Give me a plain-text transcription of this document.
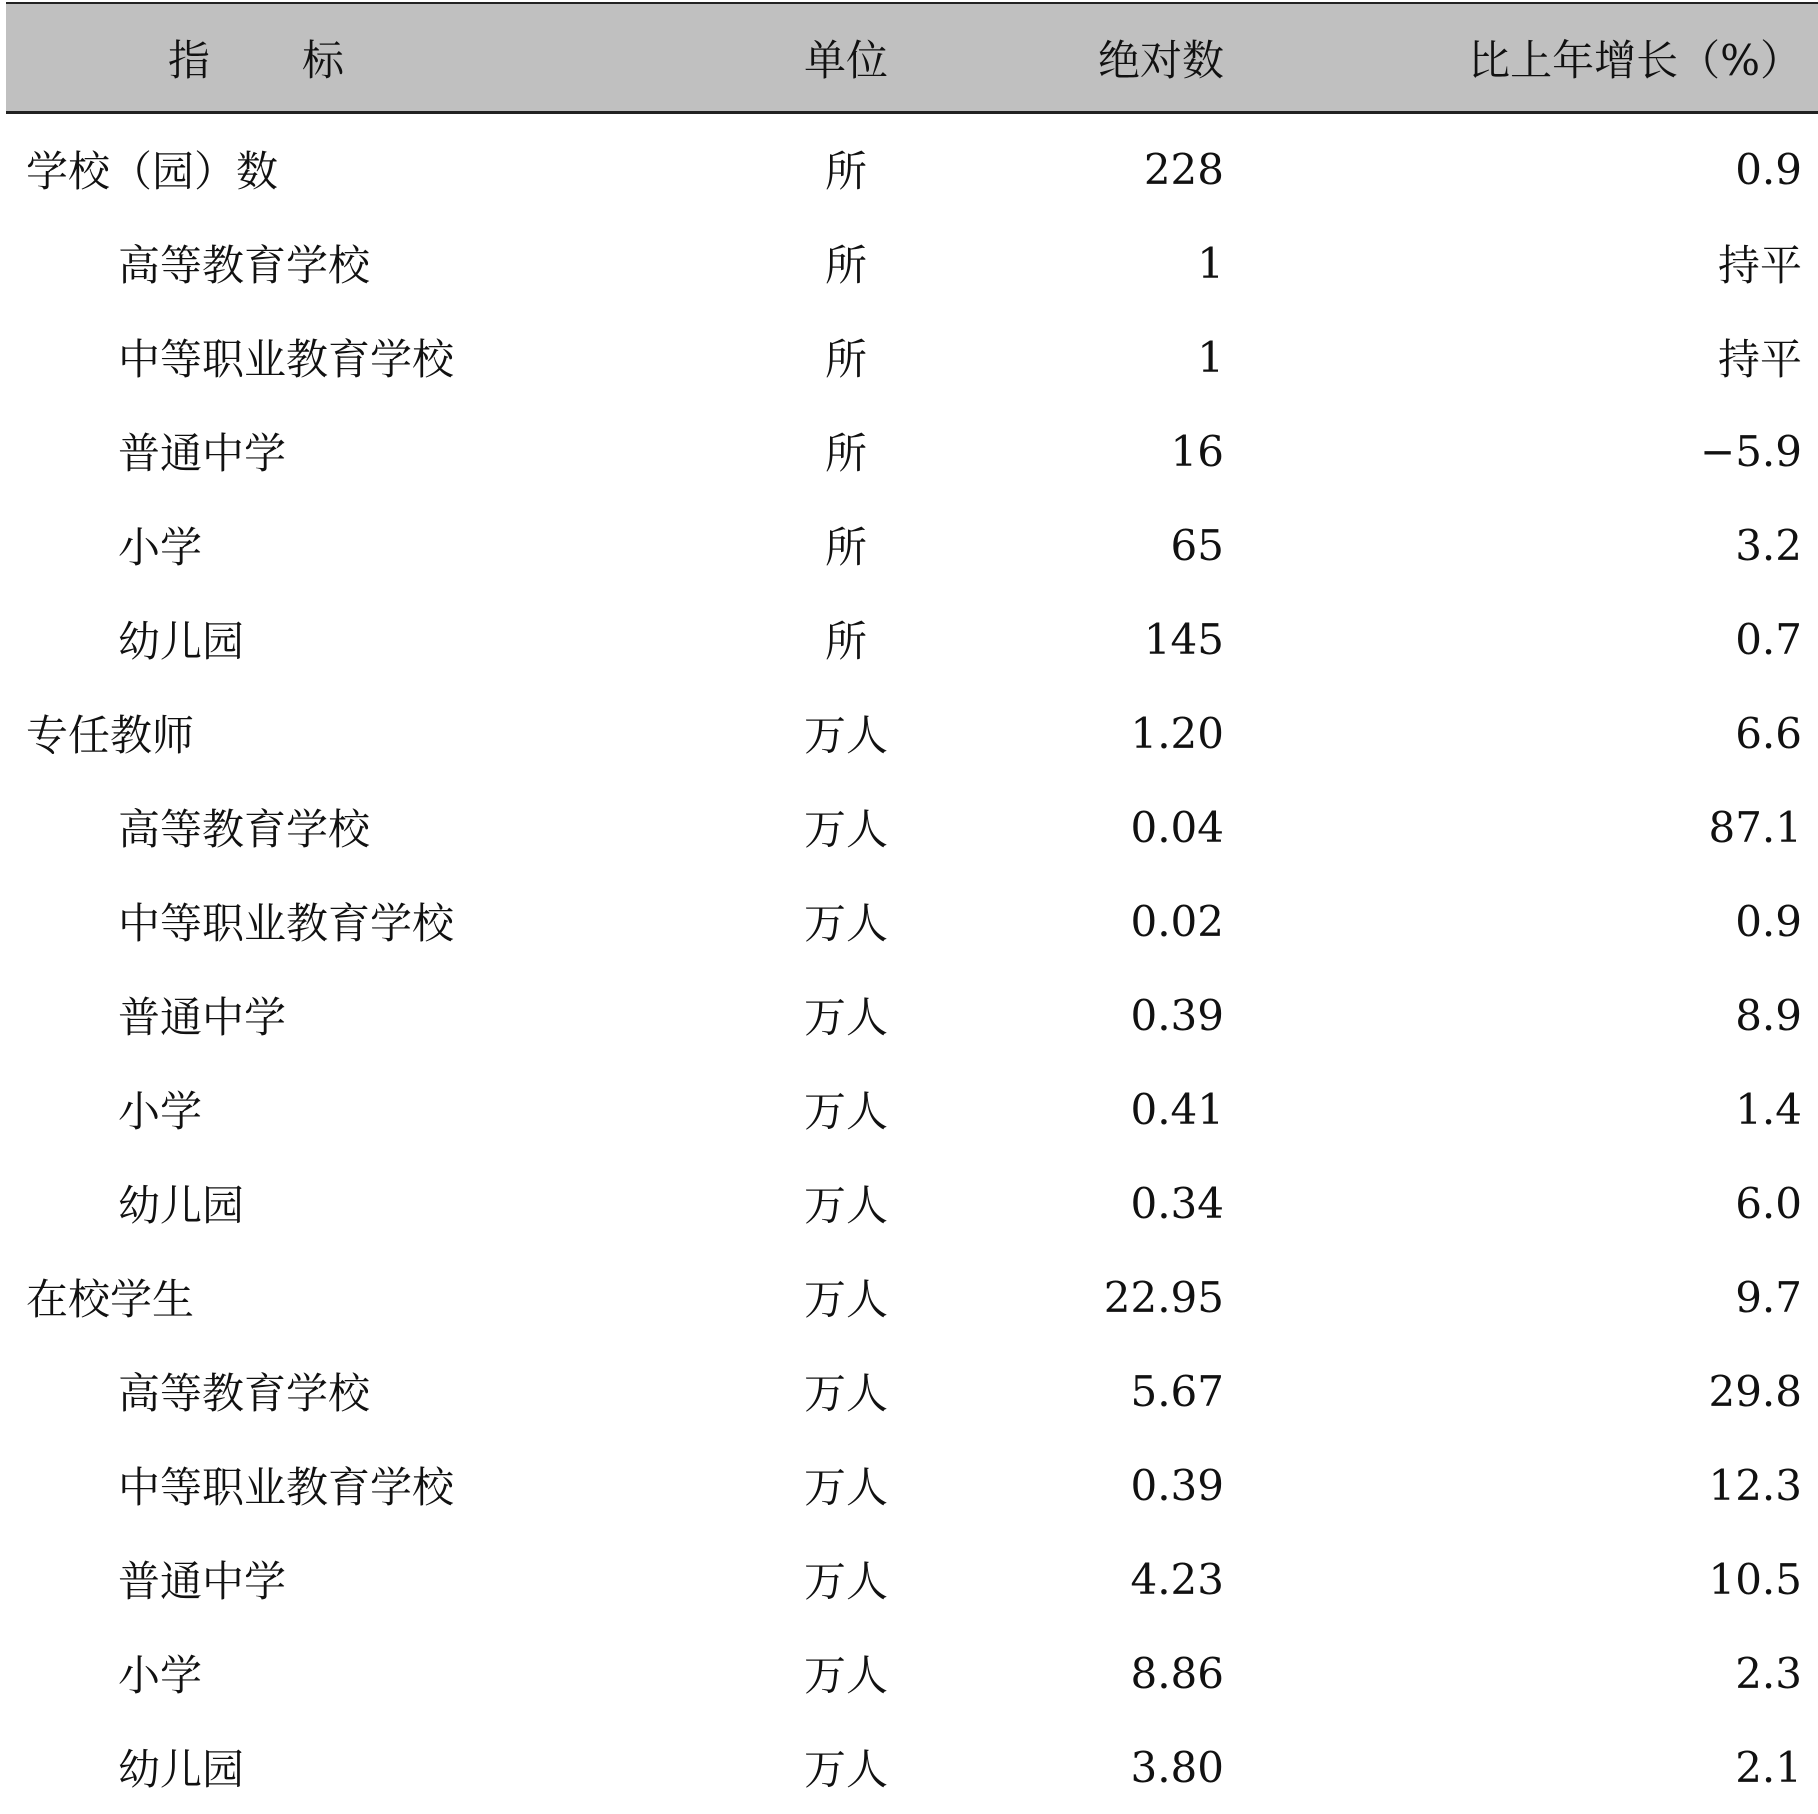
指 标	单位	绝对数	比上年增长（%）
学校（园）数	所	228	0.9
高等教育学校	所	1	持平
中等职业教育学校	所	1	持平
普通中学	所	16	−5.9
小学	所	65	3.2
幼儿园	所	145	0.7
专任教师	万人	1.20	6.6
高等教育学校	万人	0.04	87.1
中等职业教育学校	万人	0.02	0.9
普通中学	万人	0.39	8.9
小学	万人	0.41	1.4
幼儿园	万人	0.34	6.0
在校学生	万人	22.95	9.7
高等教育学校	万人	5.67	29.8
中等职业教育学校	万人	0.39	12.3
普通中学	万人	4.23	10.5
小学	万人	8.86	2.3
幼儿园	万人	3.80	2.1
